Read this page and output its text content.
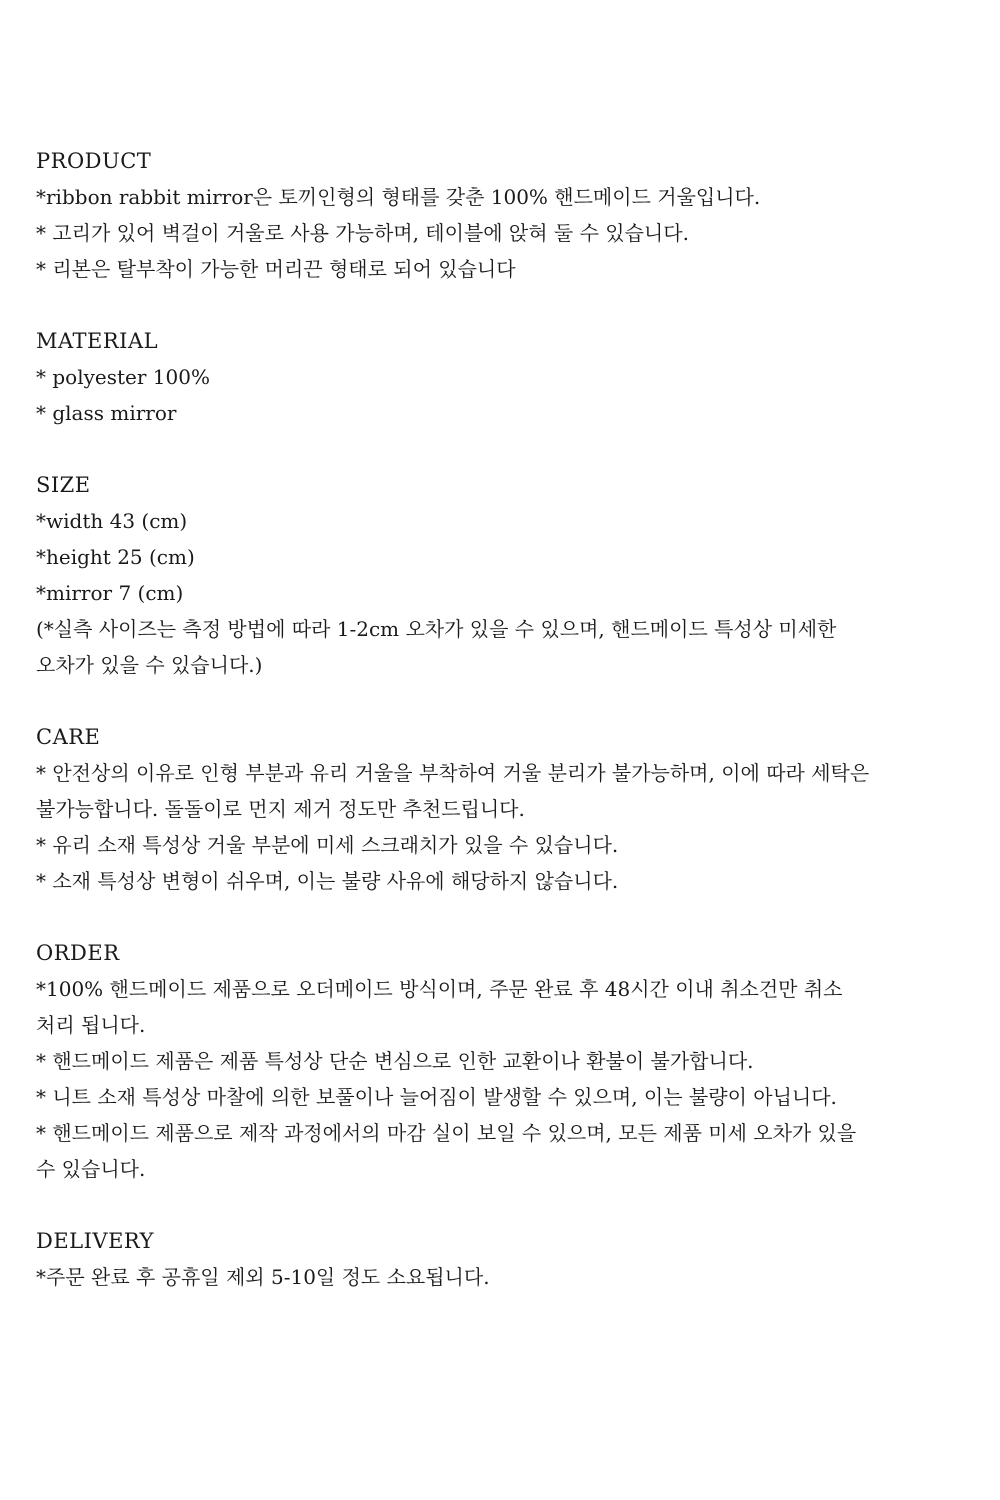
PRODUCT

*ribbon rabbit mirror은 토끼인형의 형태를 갖춘 100% 핸드메이드 거울입니다.

* 고리가 있어 벽걸이 거울로 사용 가능하며, 테이블에 앉혀 둘 수 있습니다.

* 리본은 탈부착이 가능한 머리끈 형태로 되어 있습니다

MATERIAL

* polyester 100%

* glass mirror

SIZE

*width 43 (cm)

*height 25 (cm)

*mirror 7 (cm)

(*실측 사이즈는 측정 방법에 따라 1-2cm 오차가 있을 수 있으며, 핸드메이드 특성상 미세한

오차가 있을 수 있습니다.)

CARE

* 안전상의 이유로 인형 부분과 유리 거울을 부착하여 거울 분리가 불가능하며, 이에 따라 세탁은

불가능합니다. 돌돌이로 먼지 제거 정도만 추천드립니다.

* 유리 소재 특성상 거울 부분에 미세 스크래치가 있을 수 있습니다.

* 소재 특성상 변형이 쉬우며, 이는 불량 사유에 해당하지 않습니다.

ORDER

*100% 핸드메이드 제품으로 오더메이드 방식이며, 주문 완료 후 48시간 이내 취소건만 취소

처리 됩니다.

* 핸드메이드 제품은 제품 특성상 단순 변심으로 인한 교환이나 환불이 불가합니다.

* 니트 소재 특성상 마찰에 의한 보풀이나 늘어짐이 발생할 수 있으며, 이는 불량이 아닙니다.

* 핸드메이드 제품으로 제작 과정에서의 마감 실이 보일 수 있으며, 모든 제품 미세 오차가 있을

수 있습니다.

DELIVERY

*주문 완료 후 공휴일 제외 5-10일 정도 소요됩니다.
